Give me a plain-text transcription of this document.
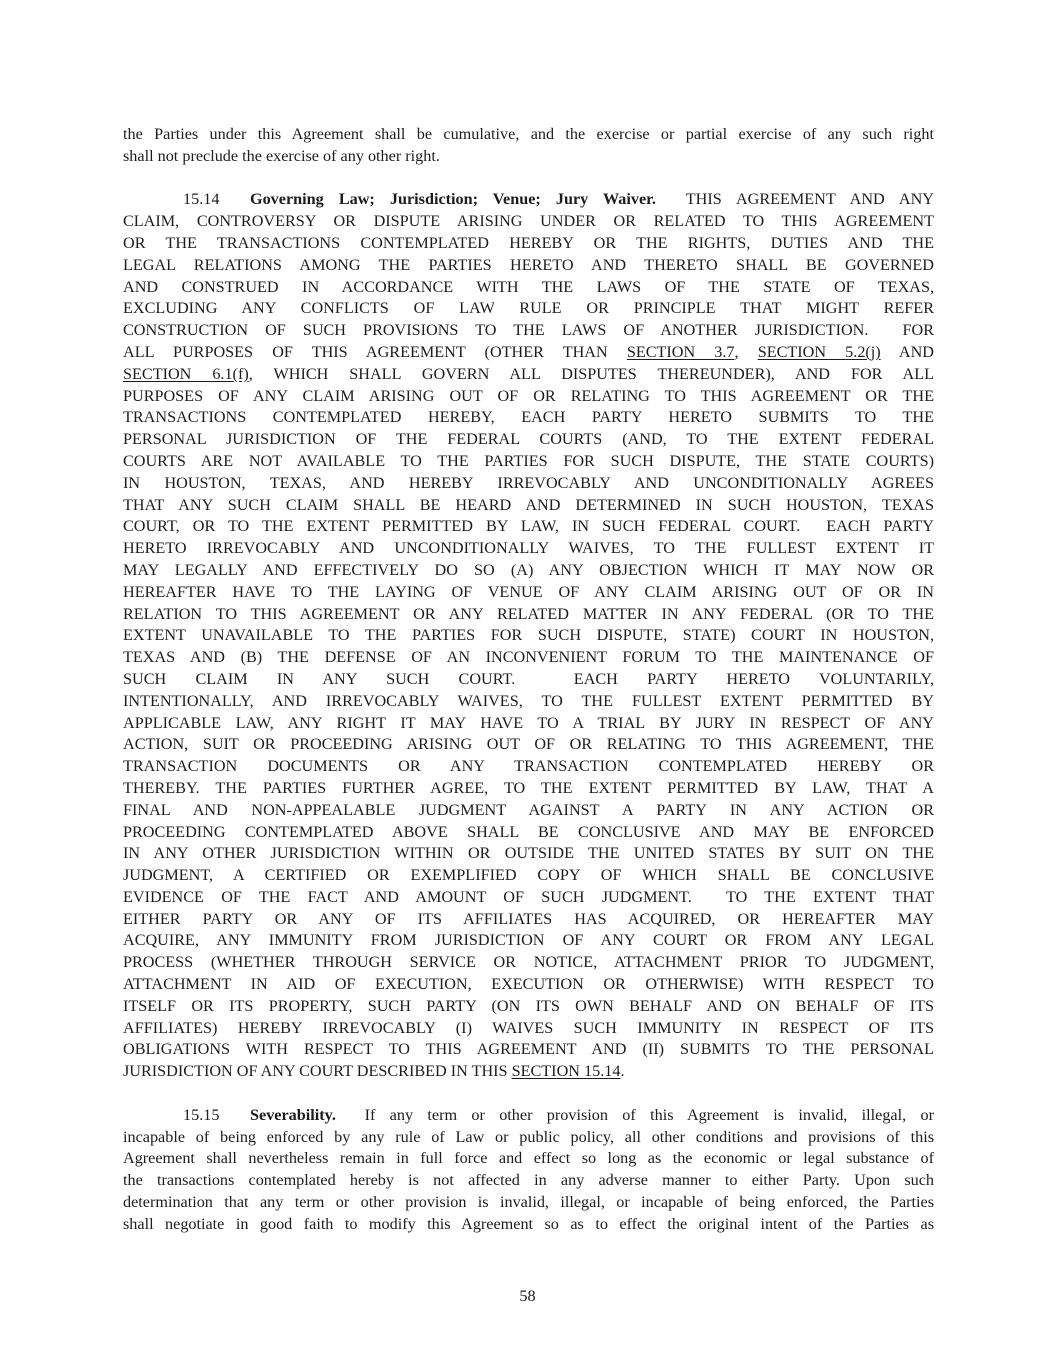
the Parties under this Agreement shall be cumulative, and the exercise or partial exercise of any such right
shall not preclude the exercise of any other right.
15.14 Governing Law; Jurisdiction; Venue; Jury Waiver.  THIS AGREEMENT AND ANY
CLAIM, CONTROVERSY OR DISPUTE ARISING UNDER OR RELATED TO THIS AGREEMENT
OR THE TRANSACTIONS CONTEMPLATED HEREBY OR THE RIGHTS, DUTIES AND THE
LEGAL RELATIONS AMONG THE PARTIES HERETO AND THERETO SHALL BE GOVERNED
AND CONSTRUED IN ACCORDANCE WITH THE LAWS OF THE STATE OF TEXAS,
EXCLUDING ANY CONFLICTS OF LAW RULE OR PRINCIPLE THAT MIGHT REFER
CONSTRUCTION OF SUCH PROVISIONS TO THE LAWS OF ANOTHER JURISDICTION.  FOR
ALL PURPOSES OF THIS AGREEMENT (OTHER THAN SECTION 3.7, SECTION 5.2(j) AND
SECTION 6.1(f), WHICH SHALL GOVERN ALL DISPUTES THEREUNDER), AND FOR ALL
PURPOSES OF ANY CLAIM ARISING OUT OF OR RELATING TO THIS AGREEMENT OR THE
TRANSACTIONS CONTEMPLATED HEREBY, EACH PARTY HERETO SUBMITS TO THE
PERSONAL JURISDICTION OF THE FEDERAL COURTS (AND, TO THE EXTENT FEDERAL
COURTS ARE NOT AVAILABLE TO THE PARTIES FOR SUCH DISPUTE, THE STATE COURTS)
IN HOUSTON, TEXAS, AND HEREBY IRREVOCABLY AND UNCONDITIONALLY AGREES
THAT ANY SUCH CLAIM SHALL BE HEARD AND DETERMINED IN SUCH HOUSTON, TEXAS
COURT, OR TO THE EXTENT PERMITTED BY LAW, IN SUCH FEDERAL COURT.  EACH PARTY
HERETO IRREVOCABLY AND UNCONDITIONALLY WAIVES, TO THE FULLEST EXTENT IT
MAY LEGALLY AND EFFECTIVELY DO SO (A) ANY OBJECTION WHICH IT MAY NOW OR
HEREAFTER HAVE TO THE LAYING OF VENUE OF ANY CLAIM ARISING OUT OF OR IN
RELATION TO THIS AGREEMENT OR ANY RELATED MATTER IN ANY FEDERAL (OR TO THE
EXTENT UNAVAILABLE TO THE PARTIES FOR SUCH DISPUTE, STATE) COURT IN HOUSTON,
TEXAS AND (B) THE DEFENSE OF AN INCONVENIENT FORUM TO THE MAINTENANCE OF
SUCH CLAIM IN ANY SUCH COURT.  EACH PARTY HERETO VOLUNTARILY,
INTENTIONALLY, AND IRREVOCABLY WAIVES, TO THE FULLEST EXTENT PERMITTED BY
APPLICABLE LAW, ANY RIGHT IT MAY HAVE TO A TRIAL BY JURY IN RESPECT OF ANY
ACTION, SUIT OR PROCEEDING ARISING OUT OF OR RELATING TO THIS AGREEMENT, THE
TRANSACTION DOCUMENTS OR ANY TRANSACTION CONTEMPLATED HEREBY OR
THEREBY. THE PARTIES FURTHER AGREE, TO THE EXTENT PERMITTED BY LAW, THAT A
FINAL AND NON-APPEALABLE JUDGMENT AGAINST A PARTY IN ANY ACTION OR
PROCEEDING CONTEMPLATED ABOVE SHALL BE CONCLUSIVE AND MAY BE ENFORCED
IN ANY OTHER JURISDICTION WITHIN OR OUTSIDE THE UNITED STATES BY SUIT ON THE
JUDGMENT, A CERTIFIED OR EXEMPLIFIED COPY OF WHICH SHALL BE CONCLUSIVE
EVIDENCE OF THE FACT AND AMOUNT OF SUCH JUDGMENT.  TO THE EXTENT THAT
EITHER PARTY OR ANY OF ITS AFFILIATES HAS ACQUIRED, OR HEREAFTER MAY
ACQUIRE, ANY IMMUNITY FROM JURISDICTION OF ANY COURT OR FROM ANY LEGAL
PROCESS (WHETHER THROUGH SERVICE OR NOTICE, ATTACHMENT PRIOR TO JUDGMENT,
ATTACHMENT IN AID OF EXECUTION, EXECUTION OR OTHERWISE) WITH RESPECT TO
ITSELF OR ITS PROPERTY, SUCH PARTY (ON ITS OWN BEHALF AND ON BEHALF OF ITS
AFFILIATES) HEREBY IRREVOCABLY (I) WAIVES SUCH IMMUNITY IN RESPECT OF ITS
OBLIGATIONS WITH RESPECT TO THIS AGREEMENT AND (II) SUBMITS TO THE PERSONAL
JURISDICTION OF ANY COURT DESCRIBED IN THIS SECTION 15.14.
15.15 Severability.  If any term or other provision of this Agreement is invalid, illegal, or
incapable of being enforced by any rule of Law or public policy, all other conditions and provisions of this
Agreement shall nevertheless remain in full force and effect so long as the economic or legal substance of
the transactions contemplated hereby is not affected in any adverse manner to either Party. Upon such
determination that any term or other provision is invalid, illegal, or incapable of being enforced, the Parties
shall negotiate in good faith to modify this Agreement so as to effect the original intent of the Parties as
58
